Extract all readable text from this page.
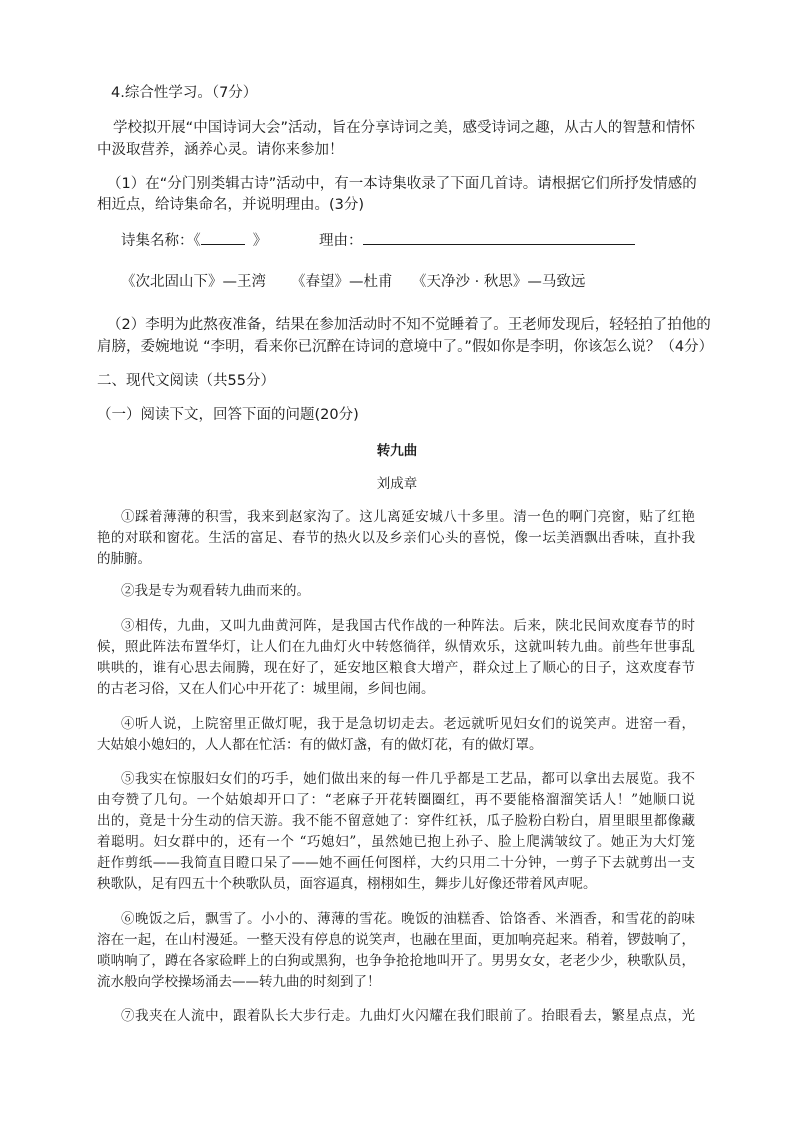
4.综合性学习。（7分）
学校拟开展“中国诗词大会”活动，旨在分享诗词之美，感受诗词之趣，从古人的智慧和情怀
中汲取营养，涵养心灵。请你来参加！
（1）在“分门别类辑古诗”活动中，有一本诗集收录了下面几首诗。请根据它们所抒发情感的
相近点，给诗集命名，并说明理由。(3分)
诗集名称：《	》	理由：
《次北固山下》—王湾 《春望》—杜甫 《天净沙 · 秋思》—马致远
（2）李明为此熬夜准备，结果在参加活动时不知不觉睡着了。王老师发现后，轻轻拍了拍他的
肩膀，委婉地说 “李明，看来你已沉醉在诗词的意境中了。”假如你是李明，你该怎么说？（4分）
二、现代文阅读（共55分）
（一）阅读下文，回答下面的问题(20分)
转九曲
刘成章
①踩着薄薄的积雪，我来到赵家沟了。这儿离延安城八十多里。清一色的啊门亮窗，贴了红艳
艳的对联和窗花。生活的富足、春节的热火以及乡亲们心头的喜悦，像一坛美酒飘出香味，直扑我
的肺腑。
②我是专为观看转九曲而来的。
③相传，九曲，又叫九曲黄河阵，是我国古代作战的一种阵法。后来，陕北民间欢度春节的时
候，照此阵法布置华灯，让人们在九曲灯火中转悠徜徉，纵情欢乐，这就叫转九曲。前些年世事乱
哄哄的，谁有心思去闹腾，现在好了，延安地区粮食大增产，群众过上了顺心的日子，这欢度春节
的古老习俗，又在人们心中开花了：城里闹，乡间也闹。
④听人说，上院窑里正做灯呢，我于是急切切走去。老远就听见妇女们的说笑声。进窑一看，
大姑娘小媳妇的，人人都在忙活：有的做灯盏，有的做灯花，有的做灯罩。
⑤我实在惊服妇女们的巧手，她们做出来的每一件几乎都是工艺品，都可以拿出去展览。我不
由夸赞了几句。一个姑娘却开口了：“老麻子开花转圈圈红，再不要能格溜溜笑话人！”她顺口说
出的，竟是十分生动的信天游。我不能不留意她了：穿件红袄，瓜子脸粉白粉白，眉里眼里都像藏
着聪明。妇女群中的，还有一个 “巧媳妇”，虽然她已抱上孙子、脸上爬满皱纹了。她正为大灯笼
赶作剪纸——我简直目瞪口呆了——她不画任何图样，大约只用二十分钟，一剪子下去就剪出一支
秧歌队，足有四五十个秧歌队员，面容逼真，栩栩如生，舞步儿好像还带着风声呢。
⑥晚饭之后，飘雪了。小小的、薄薄的雪花。晚饭的油糕香、饸饹香、米酒香，和雪花的韵味
溶在一起，在山村漫延。一整天没有停息的说笑声，也融在里面，更加响亮起来。稍着，锣鼓响了，
唢呐响了，蹲在各家硷畔上的白狗或黑狗，也争争抢抢地叫开了。男男女女，老老少少，秧歌队员，
流水般向学校操场涌去——转九曲的时刻到了！
⑦我夹在人流中，跟着队长大步行走。九曲灯火闪耀在我们眼前了。抬眼看去，繁星点点，光
